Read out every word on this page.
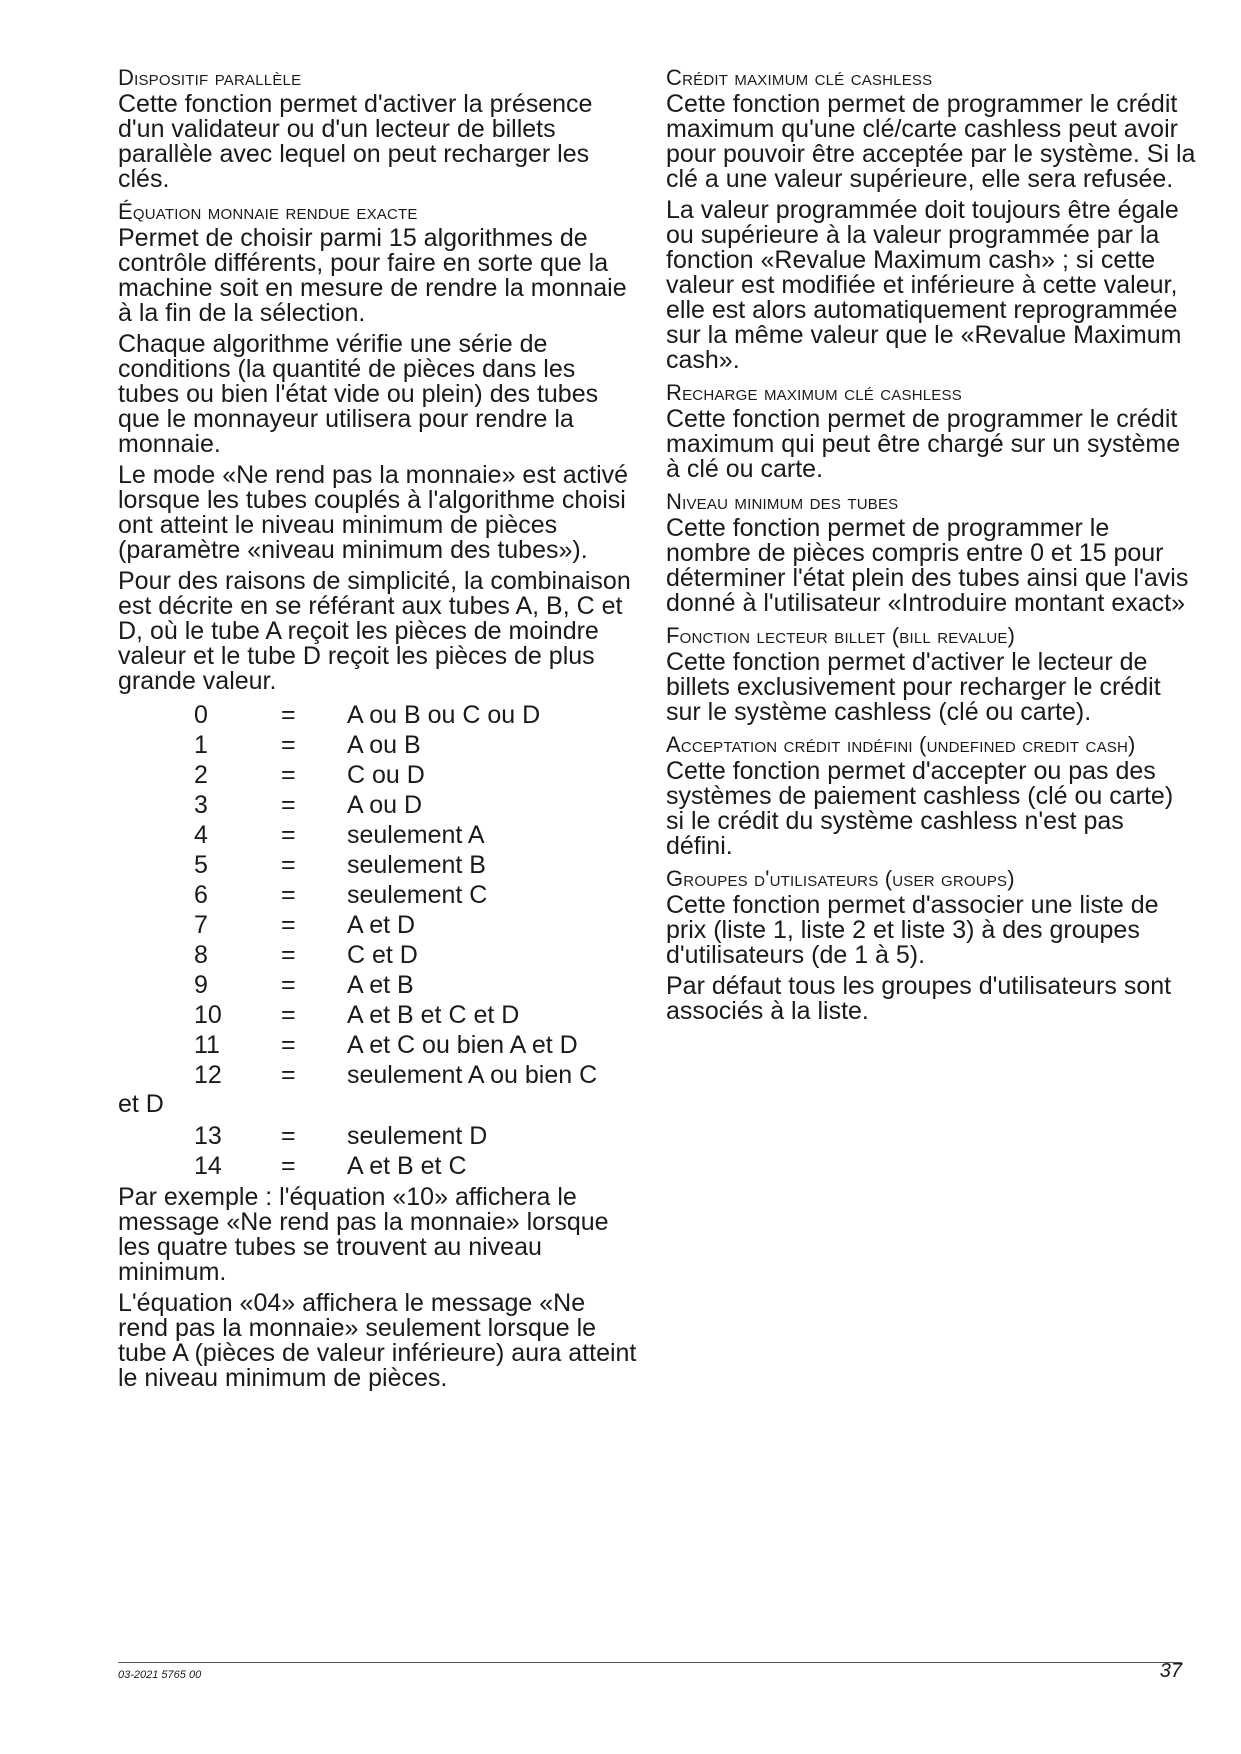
Dispositif parallèle

Cette fonction permet d'activer la présence d'un validateur ou d'un lecteur de billets parallèle avec lequel on peut recharger les clés.

Équation monnaie rendue exacte

Permet de choisir parmi 15 algorithmes de contrôle différents, pour faire en sorte que la machine soit en mesure de rendre la monnaie à la fin de la sélection.

Chaque algorithme vérifie une série de conditions (la quantité de pièces dans les tubes ou bien l'état vide ou plein) des tubes que le monnayeur utilisera pour rendre la monnaie.

Le mode «Ne rend pas la monnaie» est activé lorsque les tubes couplés à l'algorithme choisi ont atteint le niveau minimum de pièces (paramètre «niveau minimum des tubes»).

Pour des raisons de simplicité, la combinaison est décrite en se référant aux tubes A, B, C et D, où le tube A reçoit les pièces de moindre valeur et le tube D reçoit les pièces de plus grande valeur.

0	=	A ou B ou C ou D
1	=	A ou B
2	=	C ou D
3	=	A ou D
4	=	seulement A
5	=	seulement B
6	=	seulement C
7	=	A et D
8	=	C et D
9	=	A et B
10	=	A et B et C et D
11	=	A et C ou bien A et D
12	=	seulement A ou bien C
et D
13	=	seulement D
14	=	A et B et C

Par exemple : l'équation «10» affichera le message «Ne rend pas la monnaie» lorsque les quatre tubes se trouvent au niveau minimum.

L'équation «04» affichera le message «Ne rend pas la monnaie» seulement lorsque le tube A (pièces de valeur inférieure) aura atteint le niveau minimum de pièces.

Crédit maximum clé cashless

Cette fonction permet de programmer le crédit maximum qu'une clé/carte cashless peut avoir pour pouvoir être acceptée par le système. Si la clé a une valeur supérieure, elle sera refusée.

La valeur programmée doit toujours être égale ou supérieure à la valeur programmée par la fonction «Revalue Maximum cash» ; si cette valeur est modifiée et inférieure à cette valeur, elle est alors automatiquement reprogrammée sur la même valeur que le «Revalue Maximum cash».

Recharge maximum clé cashless

Cette fonction permet de programmer le crédit maximum qui peut être chargé sur un système à clé ou carte.

Niveau minimum des tubes

Cette fonction permet de programmer le nombre de pièces compris entre 0 et 15 pour déterminer l'état plein des tubes ainsi que l'avis donné à l'utilisateur «Introduire montant exact»

Fonction lecteur billet (bill revalue)

Cette fonction permet d'activer le lecteur de billets exclusivement pour recharger le crédit sur le système cashless (clé ou carte).

Acceptation crédit indéfini (undefined credit cash)

Cette fonction permet d'accepter ou pas des systèmes de paiement cashless (clé ou carte) si le crédit du système cashless n'est pas défini.

Groupes d'utilisateurs (user groups)

Cette fonction permet d'associer une liste de prix (liste 1, liste 2 et liste 3) à des groupes d'utilisateurs (de 1 à 5).

Par défaut tous les groupes d'utilisateurs sont associés à la liste.

03-2021 5765 00	37
